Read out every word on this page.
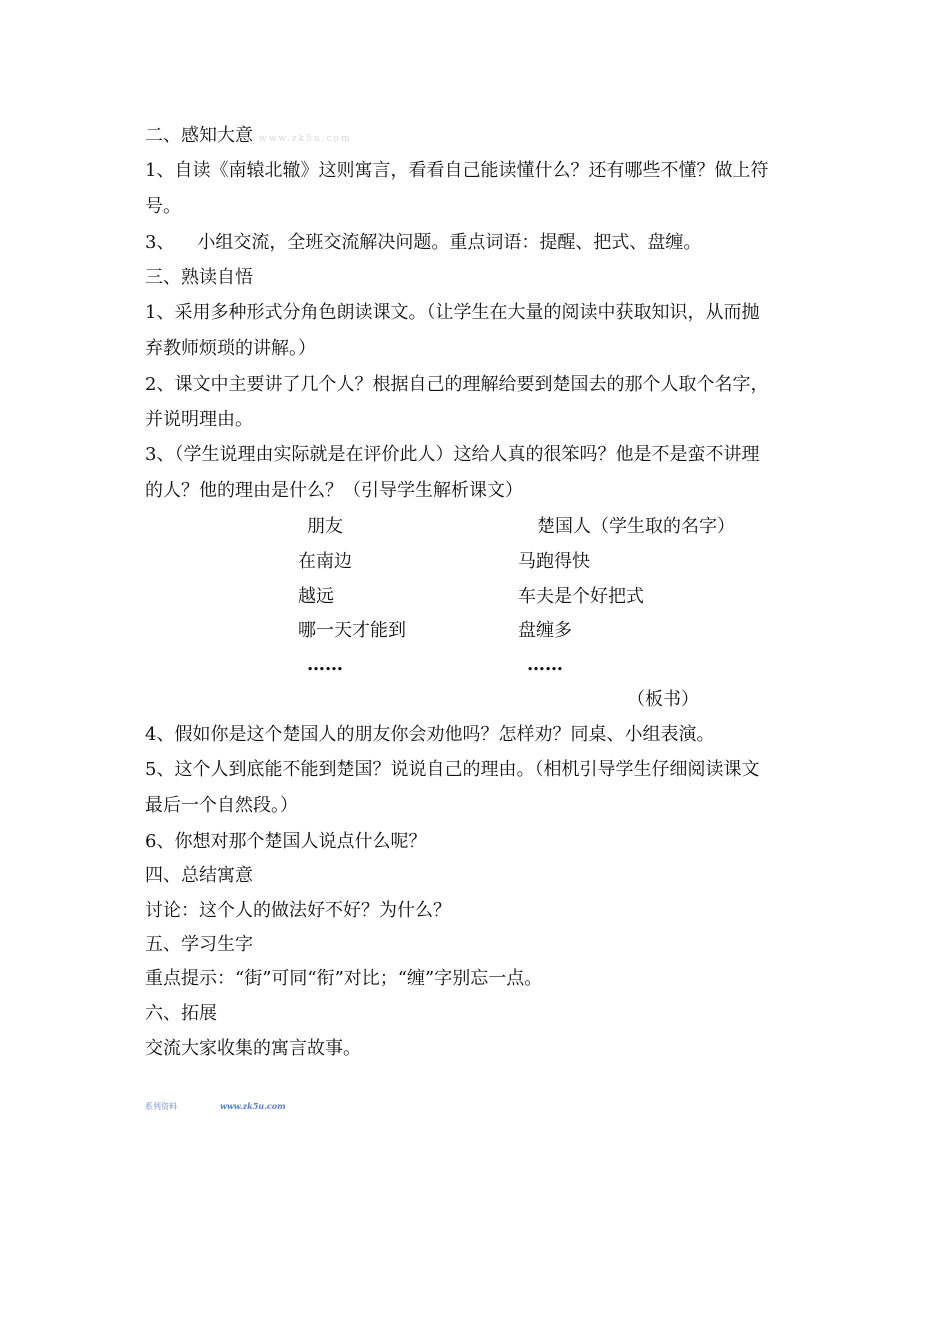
二、感知大意 www.zk5u.com
1、自读《南辕北辙》这则寓言，看看自己能读懂什么？还有哪些不懂？做上符
号。
3、    小组交流，全班交流解决问题。重点词语：提醒、把式、盘缠。
三、熟读自悟
1、采用多种形式分角色朗读课文。（让学生在大量的阅读中获取知识，从而抛
弃教师烦琐的讲解。）
2、课文中主要讲了几个人？根据自己的理解给要到楚国去的那个人取个名字，
并说明理由。
3、（学生说理由实际就是在评价此人）这给人真的很笨吗？他是不是蛮不讲理
的人？他的理由是什么？（引导学生解析课文）
朋友	楚国人（学生取的名字）
在南边	马跑得快
越远	车夫是个好把式
哪一天才能到	盘缠多
……	……
（板书）
4、假如你是这个楚国人的朋友你会劝他吗？怎样劝？同桌、小组表演。
5、这个人到底能不能到楚国？说说自己的理由。（相机引导学生仔细阅读课文
最后一个自然段。）
6、你想对那个楚国人说点什么呢？
四、总结寓意
讨论：这个人的做法好不好？为什么？
五、学习生字
重点提示：“街”可同“衔”对比；“缠”字别忘一点。
六、拓展
交流大家收集的寓言故事。
系列资料	www.zk5u.com
